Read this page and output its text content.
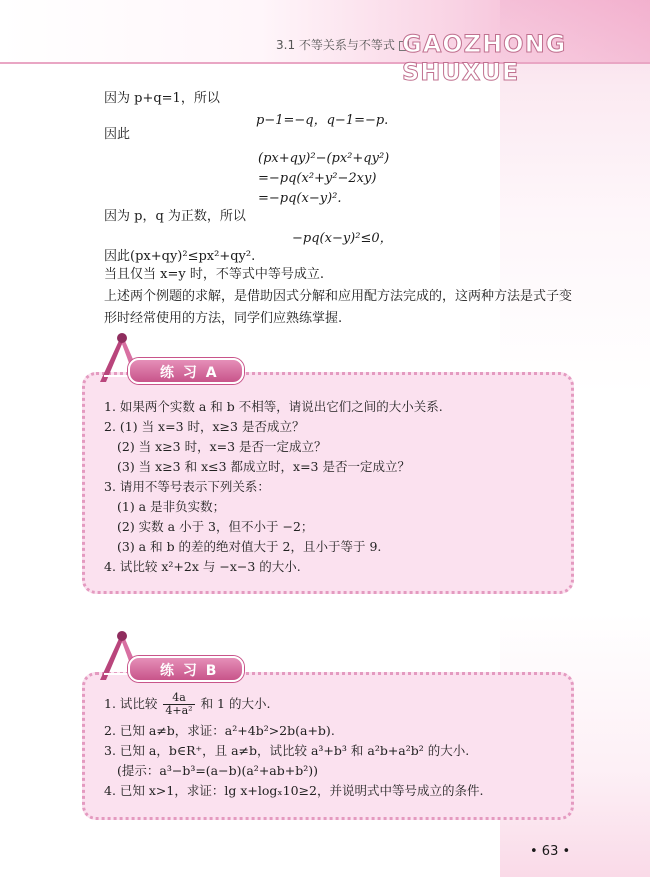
3.1 不等关系与不等式 GAOZHONG SHUXUE
因为 p+q=1，所以
p−1=−q，q−1=−p.
因此
(px+qy)²−(px²+qy²)
=−pq(x²+y²−2xy)
=−pq(x−y)².
因为 p，q 为正数，所以
−pq(x−y)²≤0，
因此(px+qy)²≤px²+qy².
当且仅当 x=y 时，不等式中等号成立.
上述两个例题的求解，是借助因式分解和应用配方法完成的，这两种方法是式子变形时经常使用的方法，同学们应熟练掌握.
练 习 A
1. 如果两个实数 a 和 b 不相等，请说出它们之间的大小关系.
2. (1) 当 x=3 时，x≥3 是否成立？
(2) 当 x≥3 时，x=3 是否一定成立？
(3) 当 x≥3 和 x≤3 都成立时，x=3 是否一定成立？
3. 请用不等号表示下列关系：
(1) a 是非负实数；
(2) 实数 a 小于 3，但不小于 −2；
(3) a 和 b 的差的绝对值大于 2，且小于等于 9.
4. 试比较 x²+2x 与 −x−3 的大小.
练 习 B
1. 试比较 $\frac{4a}{\text{4+a²}}$ 和 1 的大小.
2. 已知 a≠b，求证：a²+4b²>2b(a+b).
3. 已知 a，b∈R⁺，且 a≠b，试比较 a³+b³ 和 a²b+a²b² 的大小.
(提示：a³−b³=(a−b)(a²+ab+b²))
4. 已知 x>1，求证：lg x+logₓ10≥2，并说明式中等号成立的条件.
• 63 •
